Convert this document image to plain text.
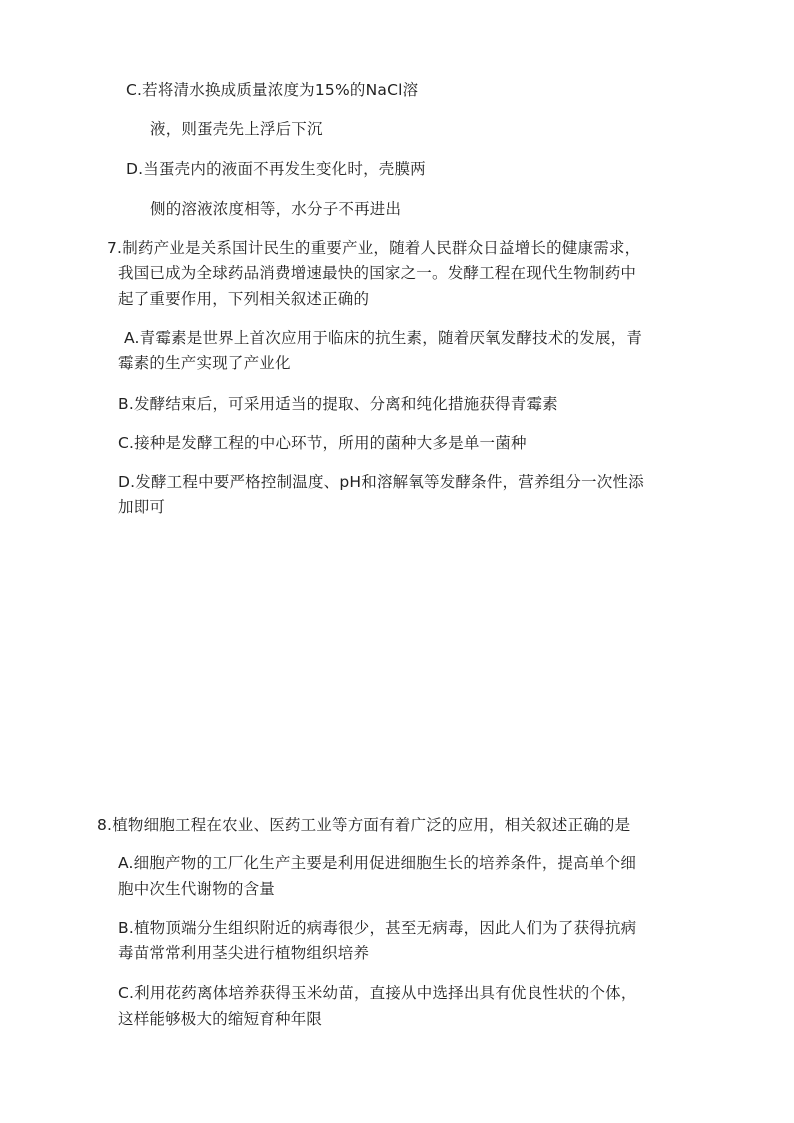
C.若将清水换成质量浓度为15%的NaCl溶
液，则蛋壳先上浮后下沉
D.当蛋壳内的液面不再发生变化时，壳膜两
侧的溶液浓度相等，水分子不再进出
7.制药产业是关系国计民生的重要产业，随着人民群众日益增长的健康需求，
我国已成为全球药品消费增速最快的国家之一。发酵工程在现代生物制药中
起了重要作用，下列相关叙述正确的
A.青霉素是世界上首次应用于临床的抗生素，随着厌氧发酵技术的发展，青
霉素的生产实现了产业化
B.发酵结束后，可采用适当的提取、分离和纯化措施获得青霉素
C.接种是发酵工程的中心环节，所用的菌种大多是单一菌种
D.发酵工程中要严格控制温度、pH和溶解氧等发酵条件，营养组分一次性添
加即可
8.植物细胞工程在农业、医药工业等方面有着广泛的应用，相关叙述正确的是
A.细胞产物的工厂化生产主要是利用促进细胞生长的培养条件，提高单个细
胞中次生代谢物的含量
B.植物顶端分生组织附近的病毒很少，甚至无病毒，因此人们为了获得抗病
毒苗常常利用茎尖进行植物组织培养
C.利用花药离体培养获得玉米幼苗，直接从中选择出具有优良性状的个体，
这样能够极大的缩短育种年限
